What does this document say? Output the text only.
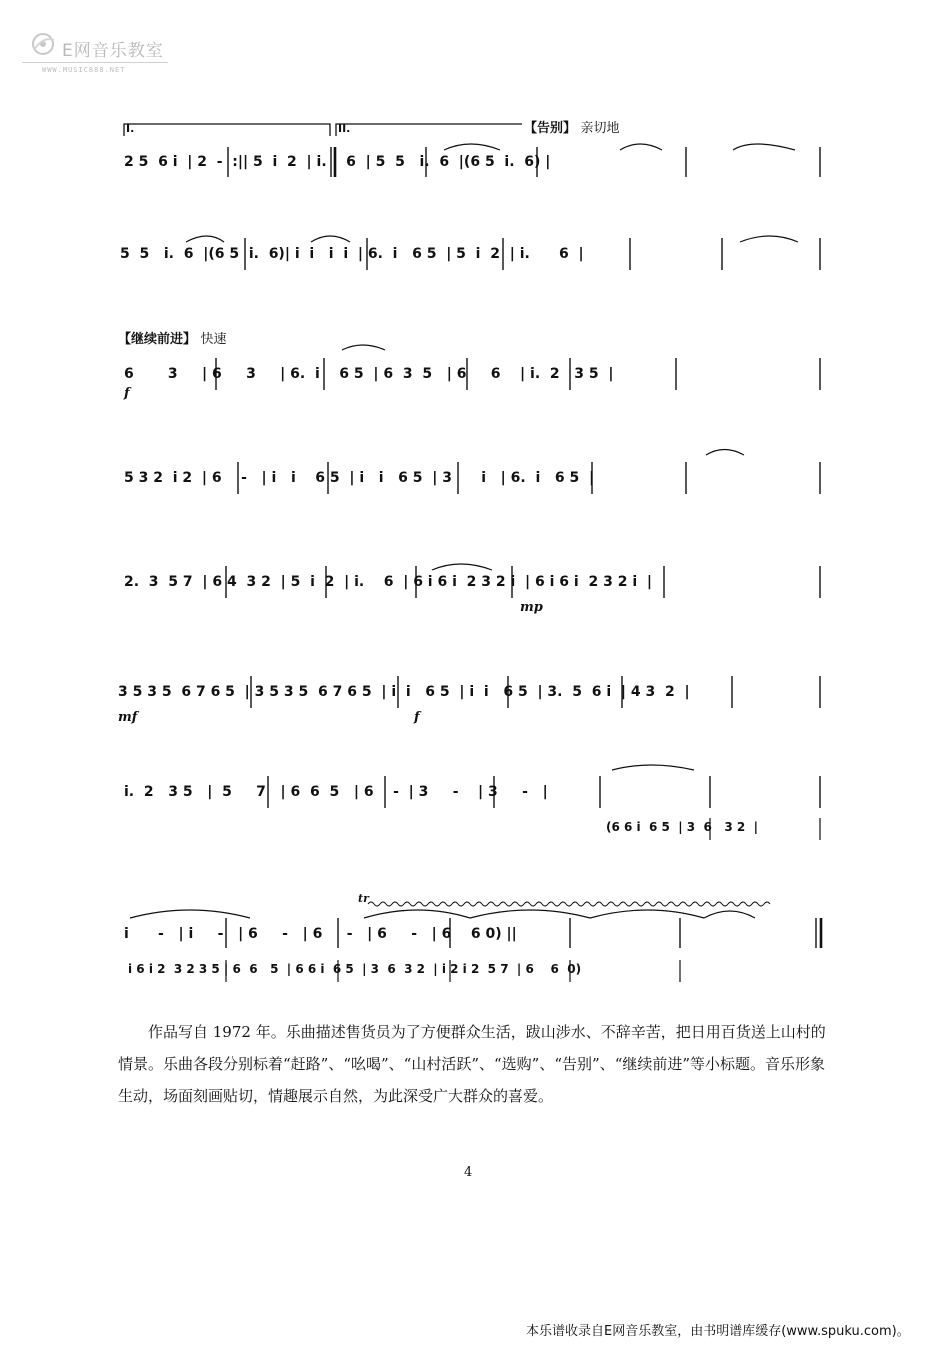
E网音乐教室
WWW.MUSIC888.NET
I.	II.	【告别】 亲切地
【继续前进】 快速
2 5  6 i  | 2  -  :|| 5  i  2  | i.    6  | 5  5   i.  6  |(6 5  i.  6) |
5  5   i.  6  |(6 5  i.  6)| i  i   i  i  | 6.  i   6 5  | 5  i  2  | i.      6  |
6       3     | 6     3     | 6.  i    6 5  | 6  3  5   | 6     6    | i.  2   3 5  |
5 3 2  i 2  | 6    -   | i   i    6 5  | i   i   6 5  | 3      i   | 6.  i   6 5  |
2.  3  5 7  | 6 4  3 2  | 5  i  2  | i.    6  | 6 i 6 i  2 3 2 i  | 6 i 6 i  2 3 2 i  |
3 5 3 5  6 7 6 5  | 3 5 3 5  6 7 6 5  | i  i   6 5  | i  i   6 5  | 3.  5  6 i  | 4 3  2  |
i.  2   3 5   |  5     7   | 6  6  5   | 6    -  | 3     -    | 3     -   |
(6 6 i  6 5  | 3  6   3 2  |
i      -   | i     -   | 6     -   | 6     -   | 6     -   | 6    6 0) ||
i 6 i 2  3 2 3 5 | 6  6   5  | 6 6 i  6 5  | 3  6  3 2  | i 2 i 2  5 7  | 6    6  0)
f
mp
mf	f
tr
作品写自 1972 年。乐曲描述售货员为了方便群众生活，跋山涉水、不辞辛苦，把日用百货送上山村的情景。乐曲各段分别标着“赶路”、“吆喝”、“山村活跃”、“选购”、“告别”、“继续前进”等小标题。音乐形象生动，场面刻画贴切，情趣展示自然，为此深受广大群众的喜爱。
4
本乐谱收录自E网音乐教室，由书明谱库缓存(www.spuku.com)。
